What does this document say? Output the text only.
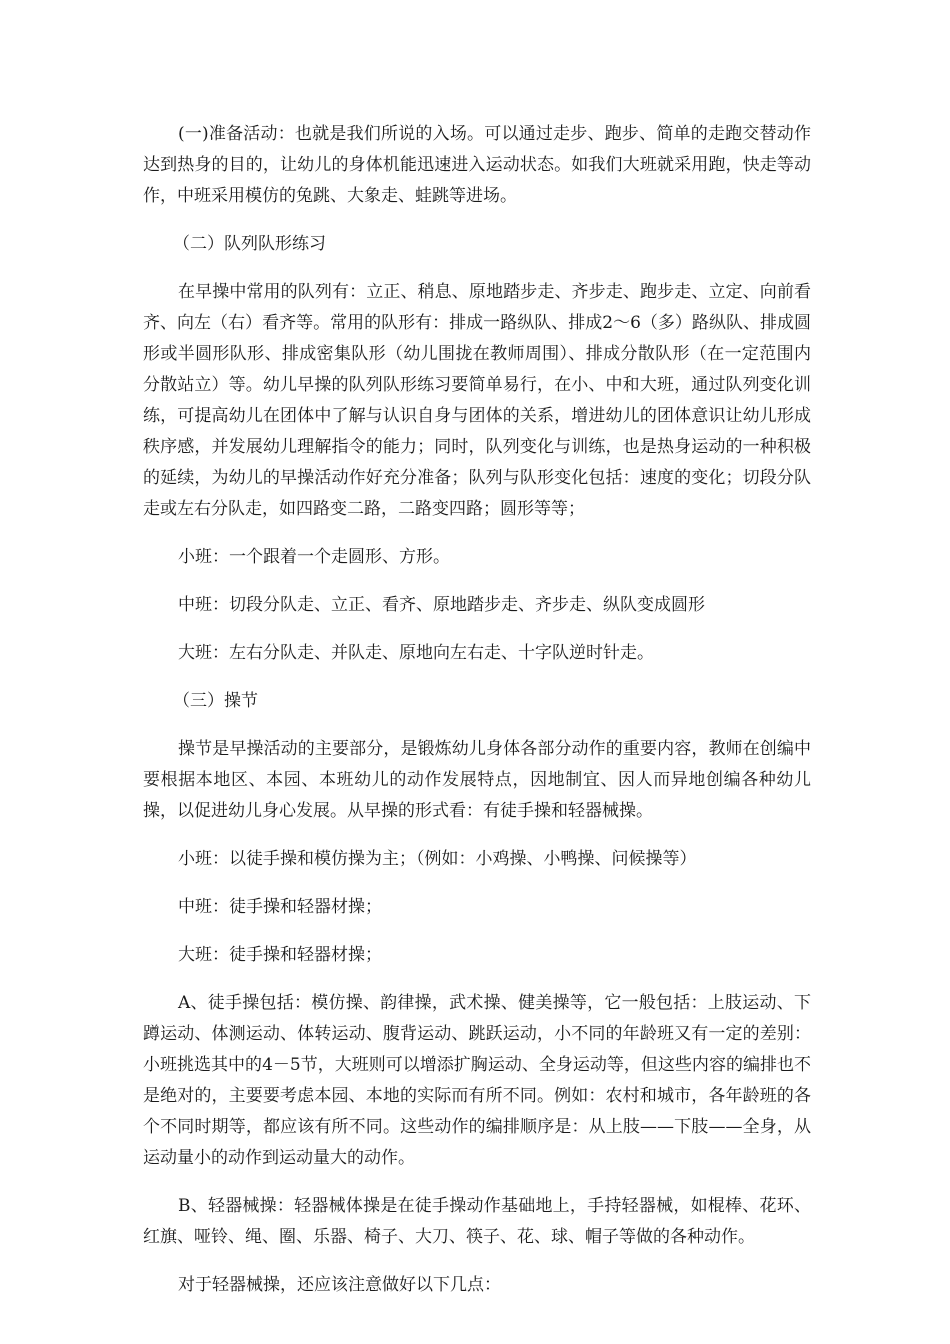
(一)准备活动：也就是我们所说的入场。可以通过走步、跑步、简单的走跑交替动作达到热身的目的，让幼儿的身体机能迅速进入运动状态。如我们大班就采用跑，快走等动作，中班采用模仿的兔跳、大象走、蛙跳等进场。

（二）队列队形练习

在早操中常用的队列有：立正、稍息、原地踏步走、齐步走、跑步走、立定、向前看齐、向左（右）看齐等。常用的队形有：排成一路纵队、排成2～6（多）路纵队、排成圆形或半圆形队形、排成密集队形（幼儿围拢在教师周围）、排成分散队形（在一定范围内分散站立）等。幼儿早操的队列队形练习要简单易行，在小、中和大班，通过队列变化训练，可提高幼儿在团体中了解与认识自身与团体的关系，增进幼儿的团体意识让幼儿形成秩序感，并发展幼儿理解指令的能力；同时，队列变化与训练，也是热身运动的一种积极的延续，为幼儿的早操活动作好充分准备；队列与队形变化包括：速度的变化；切段分队走或左右分队走，如四路变二路，二路变四路；圆形等等；

小班：一个跟着一个走圆形、方形。

中班：切段分队走、立正、看齐、原地踏步走、齐步走、纵队变成圆形

大班：左右分队走、并队走、原地向左右走、十字队逆时针走。

（三）操节

操节是早操活动的主要部分，是锻炼幼儿身体各部分动作的重要内容，教师在创编中要根据本地区、本园、本班幼儿的动作发展特点，因地制宜、因人而异地创编各种幼儿操，以促进幼儿身心发展。从早操的形式看：有徒手操和轻器械操。

小班：以徒手操和模仿操为主；（例如：小鸡操、小鸭操、问候操等）

中班：徒手操和轻器材操；

大班：徒手操和轻器材操；

A、徒手操包括：模仿操、韵律操，武术操、健美操等，它一般包括：上肢运动、下蹲运动、体测运动、体转运动、腹背运动、跳跃运动，小不同的年龄班又有一定的差别：小班挑选其中的4－5节，大班则可以增添扩胸运动、全身运动等，但这些内容的编排也不是绝对的，主要要考虑本园、本地的实际而有所不同。例如：农村和城市，各年龄班的各个不同时期等，都应该有所不同。这些动作的编排顺序是：从上肢——下肢——全身，从运动量小的动作到运动量大的动作。

B、轻器械操：轻器械体操是在徒手操动作基础地上，手持轻器械，如棍棒、花环、红旗、哑铃、绳、圈、乐器、椅子、大刀、筷子、花、球、帽子等做的各种动作。

对于轻器械操，还应该注意做好以下几点：
